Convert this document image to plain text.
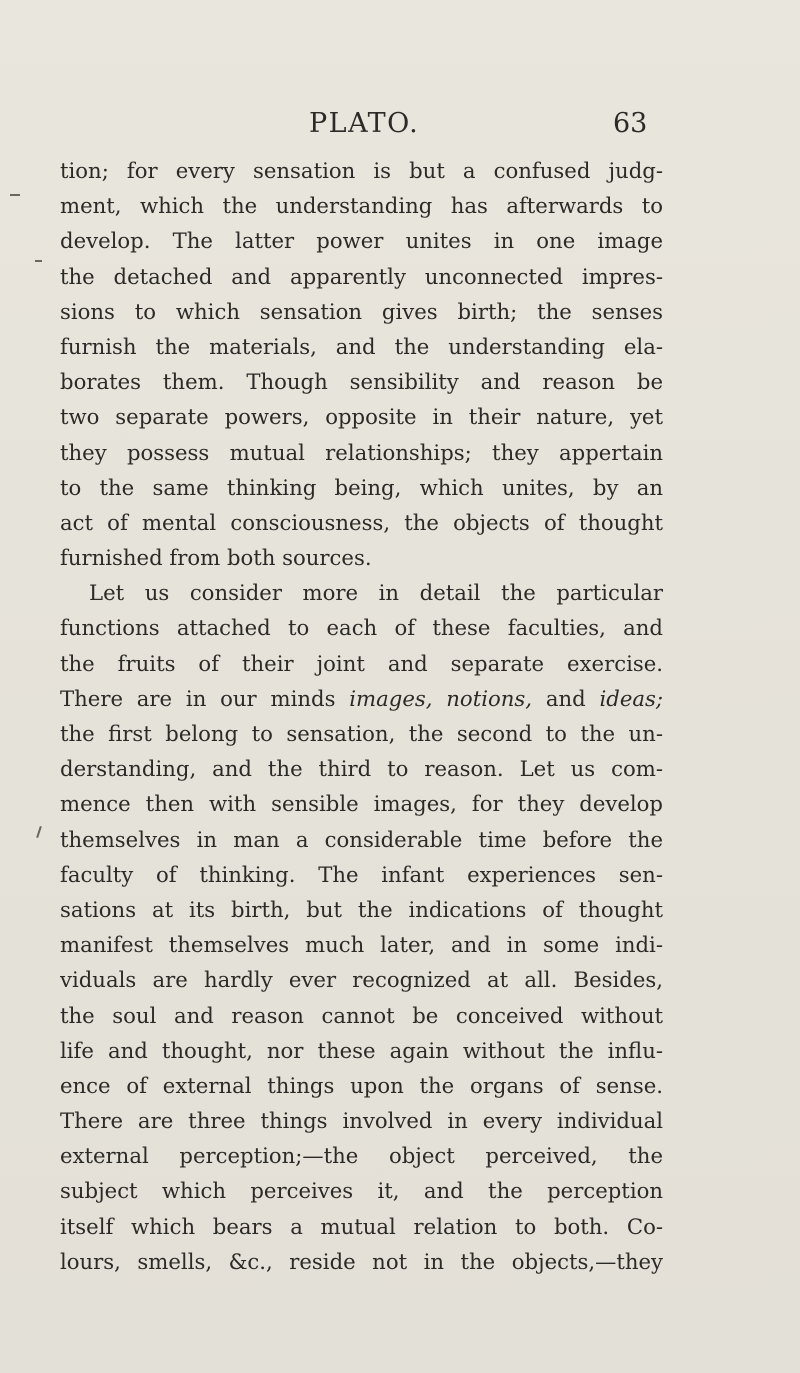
PLATO.	63
tion; for every sensation is but a confused judg-
ment, which the understanding has afterwards to
develop. The latter power unites in one image
the detached and apparently unconnected impres-
sions to which sensation gives birth; the senses
furnish the materials, and the understanding ela-
borates them. Though sensibility and reason be
two separate powers, opposite in their nature, yet
they possess mutual relationships; they appertain
to the same thinking being, which unites, by an
act of mental consciousness, the objects of thought
furnished from both sources.
Let us consider more in detail the particular
functions attached to each of these faculties, and
the fruits of their joint and separate exercise.
There are in our minds images, notions, and ideas;
the first belong to sensation, the second to the un-
derstanding, and the third to reason. Let us com-
mence then with sensible images, for they develop
themselves in man a considerable time before the
faculty of thinking. The infant experiences sen-
sations at its birth, but the indications of thought
manifest themselves much later, and in some indi-
viduals are hardly ever recognized at all. Besides,
the soul and reason cannot be conceived without
life and thought, nor these again without the influ-
ence of external things upon the organs of sense.
There are three things involved in every individual
external perception;—the object perceived, the
subject which perceives it, and the perception
itself which bears a mutual relation to both. Co-
lours, smells, &c., reside not in the objects,—they
